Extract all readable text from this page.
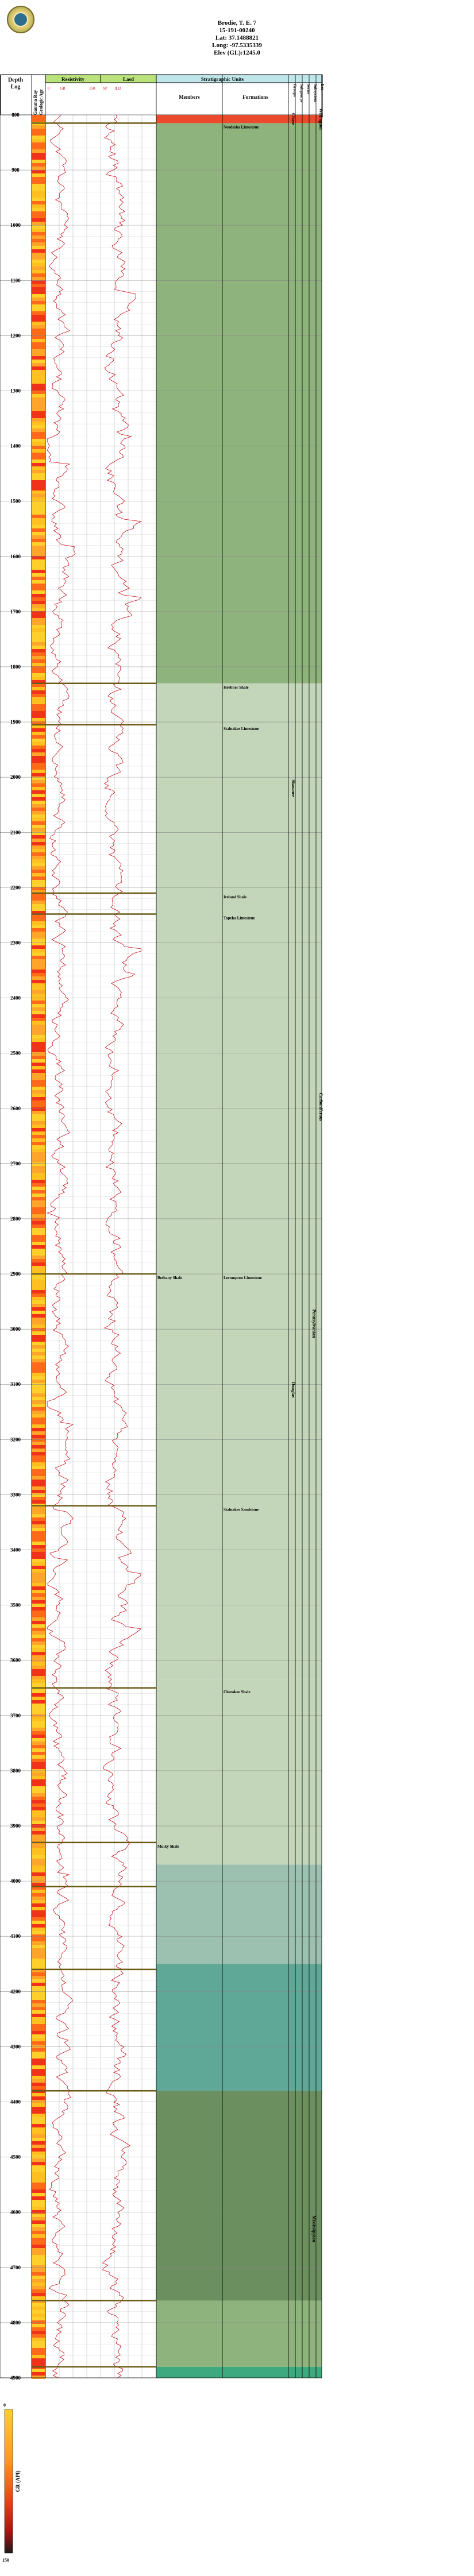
Brodie, T. E. 7
15-191-00240
Lat: 37.1488821
Long: -97.5335339
Elev (GL):1245.0
Depth
Log
Gamma Ray Geologic Age
Resistivity	Lasd
GR
0	150	ILD
SP
Stratigraphic Units
Members	Formations
Groups Subgroups Series Subsystem Era
Neodesha Limestone
Heebner Shale
Stalnaker Limestone
Ireland Shale
Topeka Limestone
Bethany Shale	Lecompton Limestone
Stalnaker Sandstone
Cherokee Shale
Mulky Shale
Wellington
Chase
Shawnee
Douglas
Pennsylvanian
Carboniferous
Mississippian
800
900
1000
1100
1200
1300
1400
1500
1600
1700
1800
1900
2000
2100
2200
2300
2400
2500
2600
2700
2800
2900
3000
3100
3200
3300
3400
3500
3600
3700
3800
3900
4000
4100
4200
4300
4400
4500
4600
4700
4800
4900
0
150
GR (API)
